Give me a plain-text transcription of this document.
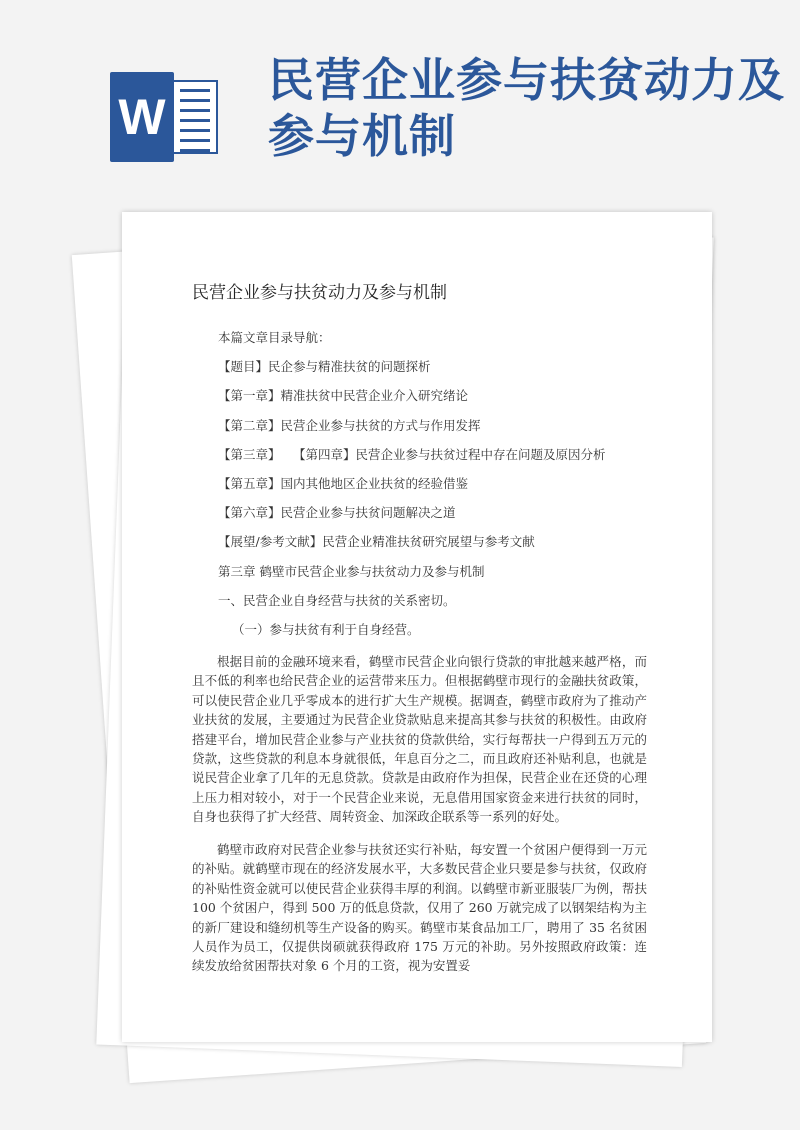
W
民营企业参与扶贫动力及参与机制
民营企业参与扶贫动力及参与机制
本篇文章目录导航：
【题目】民企参与精准扶贫的问题探析
【第一章】精准扶贫中民营企业介入研究绪论
【第二章】民营企业参与扶贫的方式与作用发挥
【第三章】　　【第四章】民营企业参与扶贫过程中存在问题及原因分析
【第五章】国内其他地区企业扶贫的经验借鉴
【第六章】民营企业参与扶贫问题解决之道
【展望/参考文献】民营企业精准扶贫研究展望与参考文献
第三章 鹤壁市民营企业参与扶贫动力及参与机制
一、民营企业自身经营与扶贫的关系密切。
（一）参与扶贫有利于自身经营。

根据目前的金融环境来看，鹤壁市民营企业向银行贷款的审批越来越严格，而且不低的利率也给民营企业的运营带来压力。但根据鹤壁市现行的金融扶贫政策，可以使民营企业几乎零成本的进行扩大生产规模。据调查，鹤壁市政府为了推动产业扶贫的发展，主要通过为民营企业贷款贴息来提高其参与扶贫的积极性。由政府搭建平台，增加民营企业参与产业扶贫的贷款供给，实行每帮扶一户得到五万元的贷款，这些贷款的利息本身就很低，年息百分之二，而且政府还补贴利息，也就是说民营企业拿了几年的无息贷款。贷款是由政府作为担保，民营企业在还贷的心理上压力相对较小，对于一个民营企业来说，无息借用国家资金来进行扶贫的同时，自身也获得了扩大经营、周转资金、加深政企联系等一系列的好处。

鹤壁市政府对民营企业参与扶贫还实行补贴，每安置一个贫困户便得到一万元的补贴。就鹤壁市现在的经济发展水平，大多数民营企业只要是参与扶贫，仅政府的补贴性资金就可以使民营企业获得丰厚的利润。以鹤壁市新亚服装厂为例，帮扶 100 个贫困户，得到 500 万的低息贷款，仅用了 260 万就完成了以钢架结构为主的新厂建设和缝纫机等生产设备的购买。鹤壁市某食品加工厂，聘用了 35 名贫困人员作为员工，仅提供岗硕就获得政府 175 万元的补助。另外按照政府政策：连续发放给贫困帮扶对象 6 个月的工资，视为安置妥
